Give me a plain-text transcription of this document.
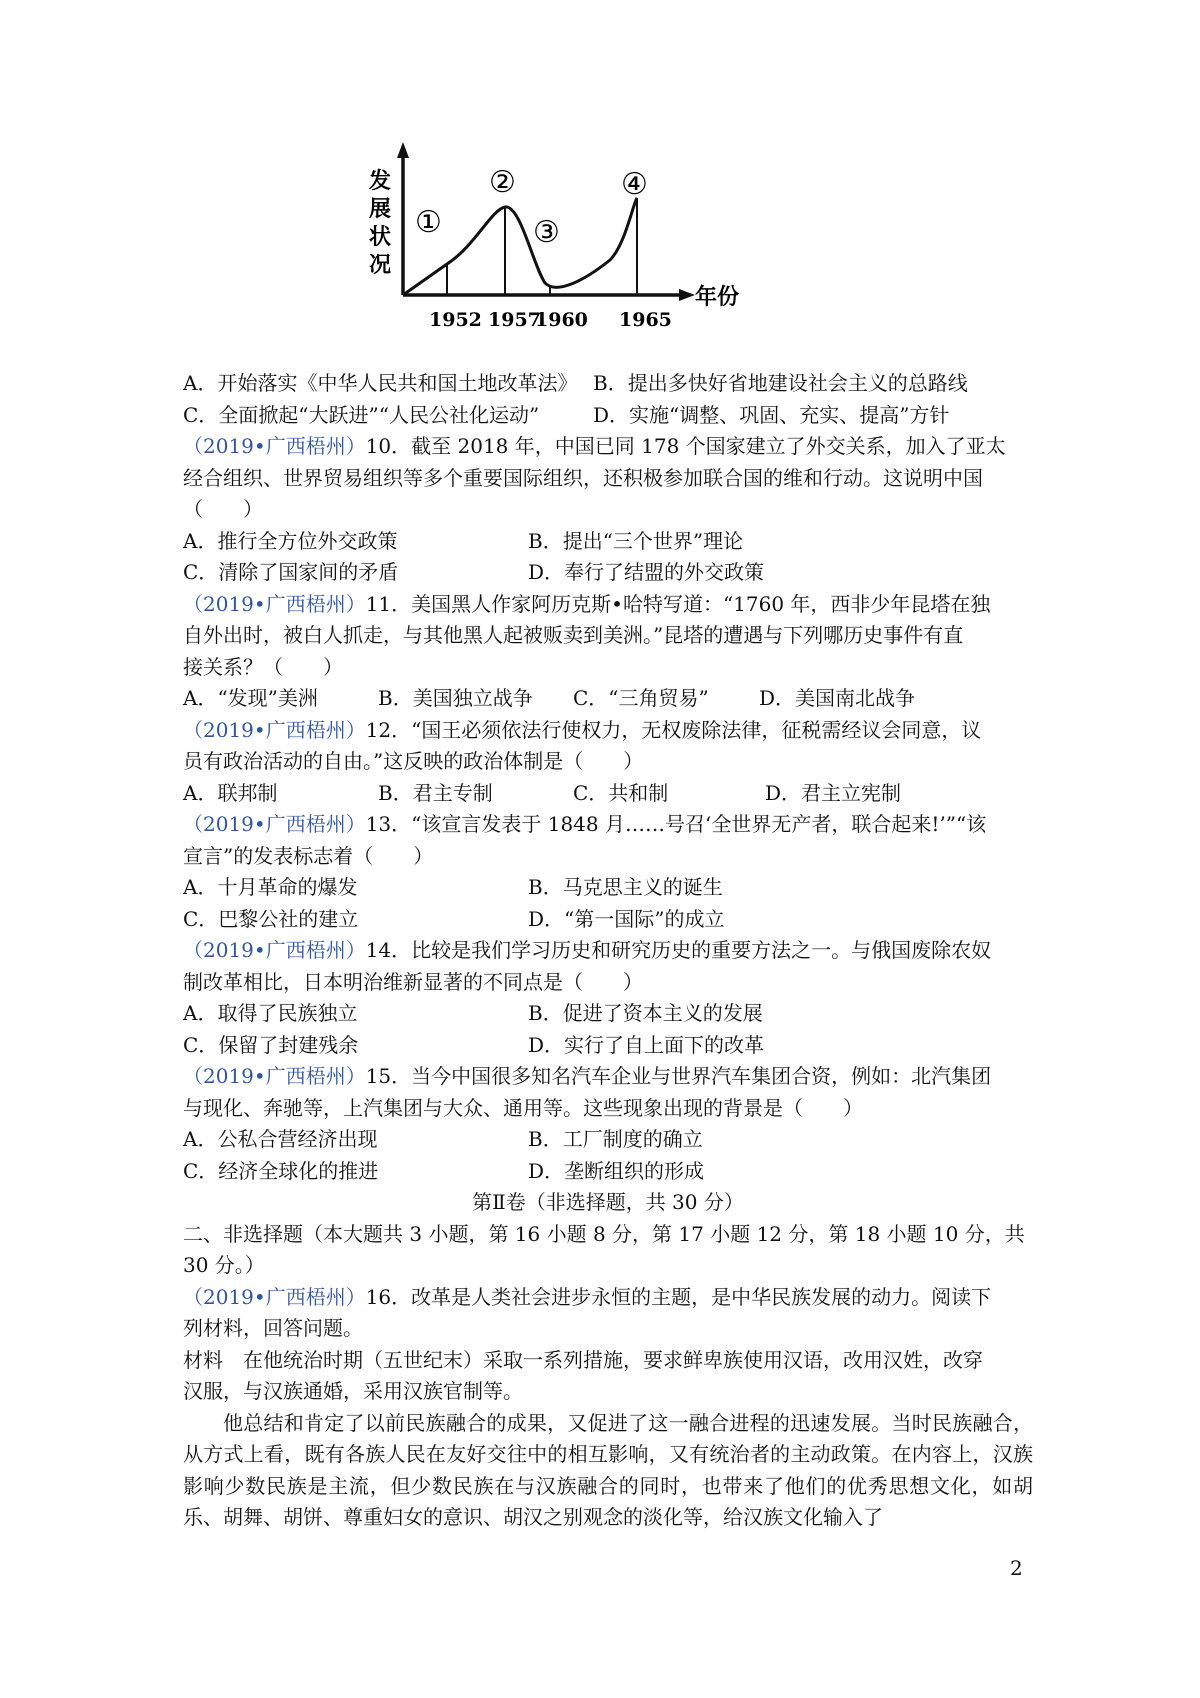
发
展
状
况
年份
①
②
③
④
1952 1957
1960 1965
A．开始落实《中华人民共和国土地改革法》 B．提出多快好省地建设社会主义的总路线
C．全面掀起“大跃进”“人民公社化运动”	D．实施“调整、巩固、充实、提高”方针
（2019•广西梧州）10．截至 2018 年，中国已同 178 个国家建立了外交关系，加入了亚太
经合组织、世界贸易组织等多个重要国际组织，还积极参加联合国的维和行动。这说明中国
（　　）
A．推行全方位外交政策	B．提出“三个世界”理论
C．清除了国家间的矛盾	D．奉行了结盟的外交政策
（2019•广西梧州）11．美国黑人作家阿历克斯•哈特写道：“1760 年，西非少年昆塔在独
自外出时，被白人抓走，与其他黑人起被贩卖到美洲。”昆塔的遭遇与下列哪历史事件有直
接关系？（　　）
A．“发现”美洲	B．美国独立战争	C．“三角贸易”	D．美国南北战争
（2019•广西梧州）12．“国王必须依法行使权力，无权废除法律，征税需经议会同意，议
员有政治活动的自由。”这反映的政治体制是（　　）
A．联邦制	B．君主专制	C．共和制	D．君主立宪制
（2019•广西梧州）13．“该宣言发表于 1848 月……号召‘全世界无产者，联合起来!’”“该
宣言”的发表标志着（　　）
A．十月革命的爆发	B．马克思主义的诞生
C．巴黎公社的建立	D．“第一国际”的成立
（2019•广西梧州）14．比较是我们学习历史和研究历史的重要方法之一。与俄国废除农奴
制改革相比，日本明治维新显著的不同点是（　　）
A．取得了民族独立	B．促进了资本主义的发展
C．保留了封建残余	D．实行了自上面下的改革
（2019•广西梧州）15．当今中国很多知名汽车企业与世界汽车集团合资，例如：北汽集团
与现化、奔驰等，上汽集团与大众、通用等。这些现象出现的背景是（　　）
A．公私合营经济出现	B．工厂制度的确立
C．经济全球化的推进	D．垄断组织的形成
第Ⅱ卷（非选择题，共 30 分）
二、非选择题（本大题共 3 小题，第 16 小题 8 分，第 17 小题 12 分，第 18 小题 10 分，共
30 分。）
（2019•广西梧州）16．改革是人类社会进步永恒的主题，是中华民族发展的动力。阅读下
列材料，回答问题。
材料　在他统治时期（五世纪末）采取一系列措施，要求鲜卑族使用汉语，改用汉姓，改穿
汉服，与汉族通婚，采用汉族官制等。
他总结和肯定了以前民族融合的成果，又促进了这一融合进程的迅速发展。当时民族融合，从方式上看，既有各族人民在友好交往中的相互影响，又有统治者的主动政策。在内容上，汉族影响少数民族是主流，但少数民族在与汉族融合的同时，也带来了他们的优秀思想文化，如胡乐、胡舞、胡饼、尊重妇女的意识、胡汉之别观念的淡化等，给汉族文化输入了
2
